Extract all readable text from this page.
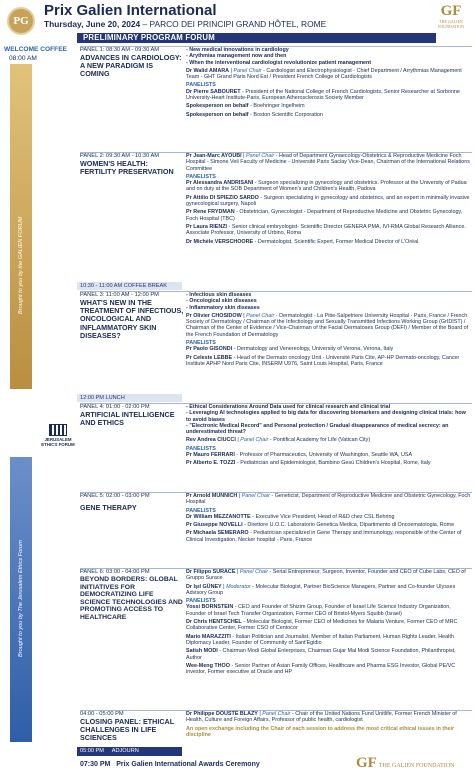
PG
Prix Galien International
Thursday, June 20, 2024 – PARCO DEI PRINCIPI GRAND HÔTEL, ROME
GF
THE GALIEN FOUNDATION
PRELIMINARY PROGRAM FORUM
WELCOME COFFEE
08:00 AM
Brought to you by the GALIEN FORUM
Brought to you by The Jerusalem Ethics Forum
JERUSALEM ETHICS FORUM
PANEL 1: 08:30 AM - 09:30 AM
ADVANCES IN CARDIOLOGY: A NEW PARADIGM IS COMING
- New medical innovations in cardiology
- Arythmias management now and then
- When the interventional cardiologist revolutionize patient management
Dr Walid AMARA | Panel Chair - Cardiologist and Electrophysiologist - Chief Department / Arrythmias Management Team - GHT Grand Paris Nord Est / President French College of Cardiologists
PANELISTS
Dr Pierre SABOURET - President of the National College of French Cardiologists, Senior Researcher at Sorbonne University-Heart Institute-Paris, European Atherosclerosis Society Member
Spokesperson on behalf - Boehringer Ingelheim
Spokesperson on behalf - Boston Scientific Corporation
PANEL 2: 09:30 AM - 10:30 AM
WOMEN'S HEALTH: FERTILITY PRESERVATION
Pr Jean-Marc AYOUBI | Panel Chair - Head of Department Gynaecology-Obstetrics & Reproductive Medicine Foch Hospital - Simone Veil Faculty of Medicine - Université Paris Saclay Vice-Dean, Chairman of the International Relations Committee
PANELISTS
Pr Alessandra ANDRISANI - Surgeon specializing in gynecology and obstetrics. Professor at the University of Padua and on duty at the SOB Department of Women's and Children's Health, Padova
Pr Attilio DI SPIEZIO SARDO - Surgeon specializing in gynecology and obstetrics, and an expert in minimally invasive gynecological surgery, Napoli
Pr Rene FRYDMAN - Obstetrician, Gynecologist - Department of Reproductive Medicine and Obstetric Gynecology, Foch Hospital (TBC)
Pr Laura RIENZI - Senior clinical embryologist- Scientific Director GENERA PMA, IVI-RMA Global Research Alliance. Associate Professor, University of Urbino, Roma
Dr Michèle VERSCHOORE - Dermatologist, Scientific Expert, Former Medical Director of L'Oréal
10:30 - 11:00 AM COFFEE BREAK
PANEL 3: 11:00 AM - 12:00 PM
WHAT'S NEW IN THE TREATMENT OF INFECTIOUS, ONCOLOGICAL AND INFLAMMATORY SKIN DISEASES?
- Infectious skin diseases
- Oncological skin diseases
- Inflammatory skin diseases
Pr Olivier CHOSIDOW | Panel Chair - Dermatologist - La Pitie-Salpetriere University Hospital - Paris, France / French Society of Dermatology / Chairman of the Infectiology and Sexually Transmitted Infections Working Group (GrIDIST) / Chairman of the Center of Evidence / Vice-Chairman of the Facial Dermatoses Group (DEFI) / Member of the Board of the French Foundation of Dermatology
PANELISTS
Pr Paolo GISONDI - Dermatology and Venereology, University of Verona, Verona, Italy
Pr Celeste LEBBE - Head of the Dermato oncology Unit - Université Paris Cite, AP-HP Dermato-oncology, Cancer Institute APHP Nord Paris Cite, INSERM U976, Saint Louis Hospital, Paris, France
12:00 PM LUNCH
PANEL 4: 01:00 - 02:00 PM
ARTIFICIAL INTELLIGENCE AND ETHICS
- Ethical Considerations Around Data used for clinical research and clinical trial
- Leveraging AI technologies applied to big data for discovering biomarkers and designing clinical trials: how to avoid biases
- "Electronic Medical Record" and Personal protection / Gradual disappearance of medical secrecy: an underestimated threat?
Rev Andrea CIUCCI | Panel Chair - Pontifical Academy for Life (Vatican City)
PANELISTS
Pr Mauro FERRARI - Professor of Pharmaceutics, University of Washington, Seattle WA, USA
Pr Alberto E. TOZZI - Pediatrician and Epidemiologist, Bambino Gesù Children's Hospital, Rome, Italy
PANEL 5: 02:00 - 03:00 PM
GENE THERAPY
Pr Arnold MUNNICH | Panel Chair - Geneticist, Department of Reproductive Medicine and Obstetric Gynecology, Foch Hospital
PANELISTS
Dr William MEZZANOTTE - Executive Vice President, Head of R&D chez CSL Behring
Pr Giuseppe NOVELLI - Direttore U.O.C. Laboratorio Genetica Medica, Dipartimento di Oncoematologia, Rome
Pr Michaela SEMERARO - Pediatrician specialized in Gene Therapy and Immunology, responsible of the Center of Clinical Investigation, Necker hospital - Paris, France
PANEL 6: 03:00 - 04:00 PM
BEYOND BORDERS: GLOBAL INITIATIVES FOR DEMOCRATIZING LIFE SCIENCE TECHNOLOGIES AND PROMOTING ACCESS TO HEALTHCARE
Dr Filippo SURACE | Panel Chair - Serial Entrepreneur, Surgeon, Inventor, Founder and CEO of Cube Labs, CEO of Gruppo Surace
Dr Işıl GÜNEY | Moderator - Molecular Biologist, Partner BioScience Managers, Partner and Co-founder Ulysses Advisory Group
PANELISTS
Yossi BORNSTEIN - CEO and Founder of Shizim Group, Founder of Israel Life Science Industry Organization, Founder of Israel Tech Transfer Organization, Former CEO of Bristol-Myers Squibb (Israel)
Dr Chris HENTSCHEL - Molecular Biologist, Former CEO of Medicines for Malaria Venture, Former CEO of MRC Collaborative Center, Former CSO of Centocor
Mario MARAZZITI - Italian Politician and Journalist, Member of Italian Parliament, Human Rights Leader, Health Diplomacy Leader, Founder of Community of Sant'Egidio
Satish MODI - Chairman Modi Global Enterprises, Chairman Gujar Mal Modi Science Foundation, Philanthropist, Author
Wee-Meng THOO - Senior Partner of Asian Family Offices, Healthcare and Pharma ESG Investor, Global PE/VC investor, Former executive at Oracle and HP
04:00 - 05:00 PM
CLOSING PANEL: ETHICAL CHALLENGES IN LIFE SCIENCES
Dr Philippe DOUSTE BLAZY | Panel Chair - Chair of the United Nations Fund Unitlife, Former French Minister of Health, Culture and Foreign Affairs, Professor of public health, cardiologist
An open exchange including the Chair of each session to address the most critical ethical issues in their discipline
05:00 PM ADJOURN
07:30 PM Prix Galien International Awards Ceremony	GF THE GALIEN FOUNDATION
